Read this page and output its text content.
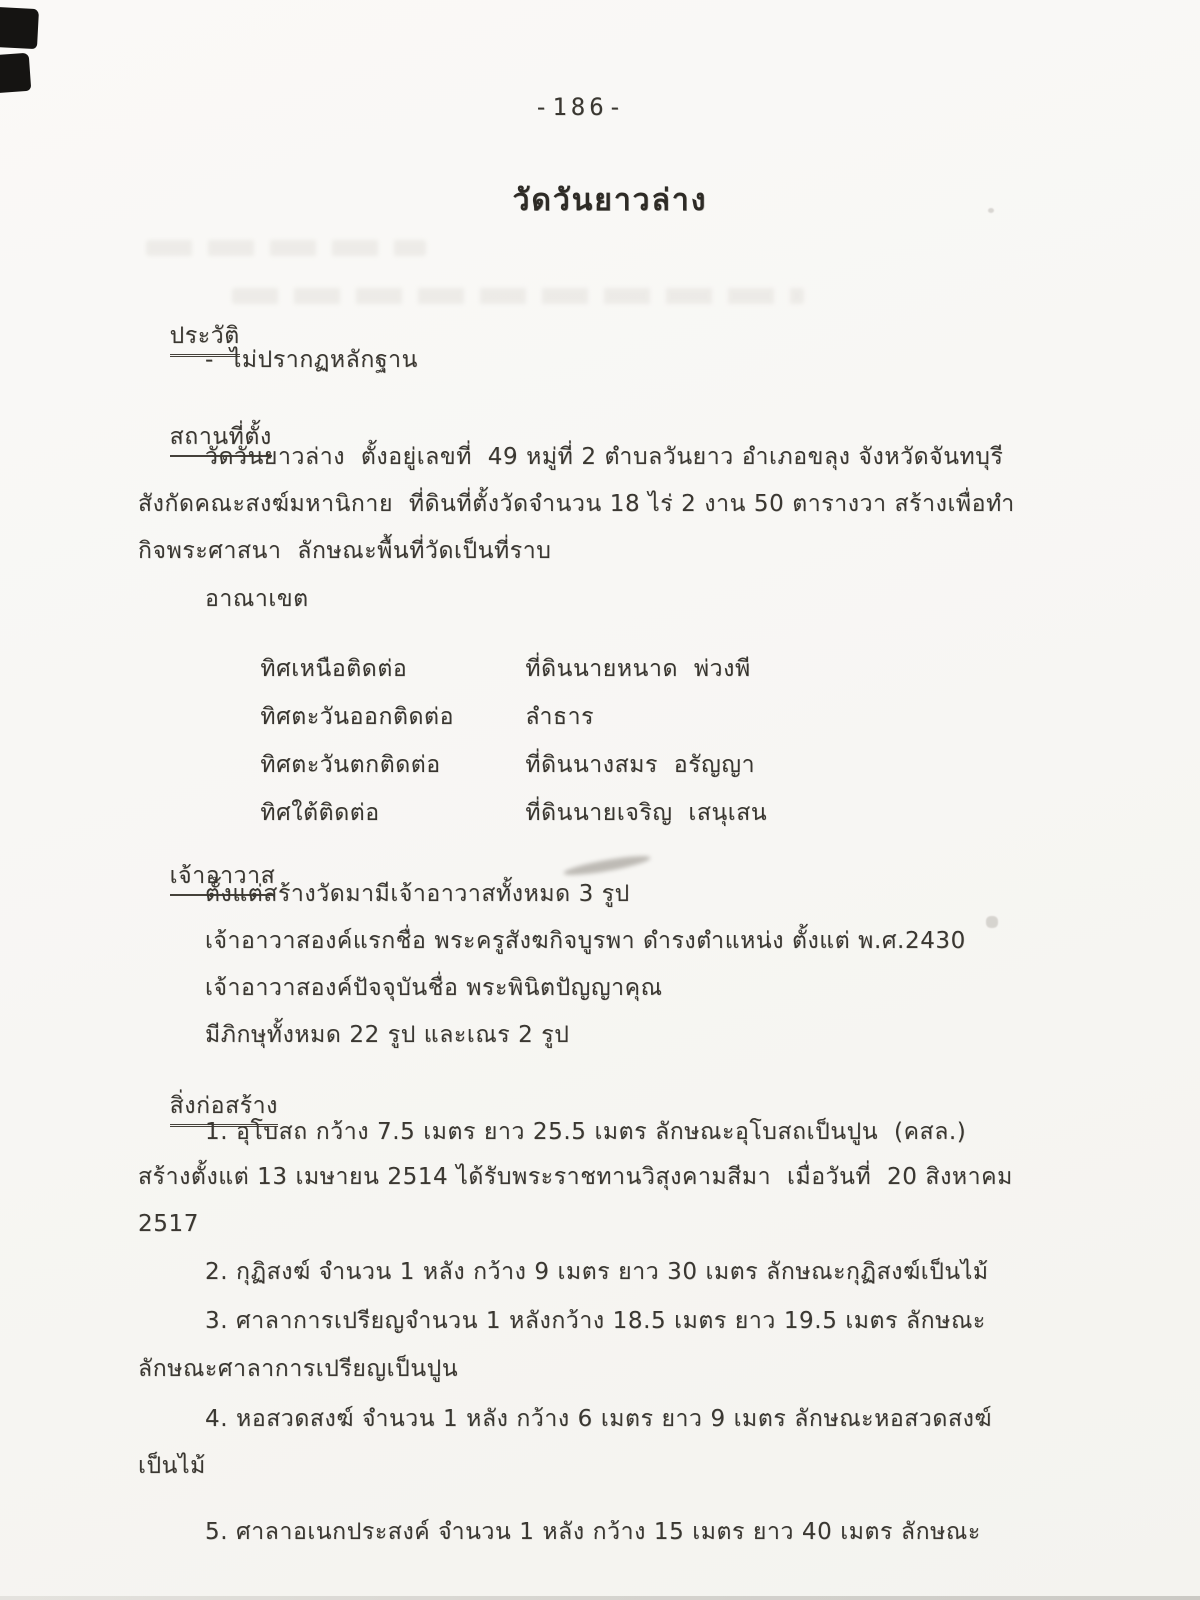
-186-
วัดวันยาวล่าง

ประวัติ

-  ไม่ปรากฏหลักฐาน

สถานที่ตั้ง

วัดวันยาวล่าง  ตั้งอยู่เลขที่  49 หมู่ที่ 2 ตำบลวันยาว อำเภอขลุง จังหวัดจันทบุรี
สังกัดคณะสงฆ์มหานิกาย  ที่ดินที่ตั้งวัดจำนวน 18 ไร่ 2 งาน 50 ตารางวา สร้างเพื่อทำ
กิจพระศาสนา  ลักษณะพื้นที่วัดเป็นที่ราบ
อาณาเขต

ทิศเหนือติดต่อ	ที่ดินนายหนาด  พ่วงพี

ทิศตะวันออกติดต่อ	ลำธาร

ทิศตะวันตกติดต่อ	ที่ดินนางสมร  อรัญญา

ทิศใต้ติดต่อ	ที่ดินนายเจริญ  เสนุเสน

เจ้าอาวาส

ตั้งแต่สร้างวัดมามีเจ้าอาวาสทั้งหมด 3 รูป
เจ้าอาวาสองค์แรกชื่อ พระครูสังฆกิจบูรพา ดำรงตำแหน่ง ตั้งแต่ พ.ศ.2430
เจ้าอาวาสองค์ปัจจุบันชื่อ พระพินิตปัญญาคุณ
มีภิกษุทั้งหมด 22 รูป และเณร 2 รูป

สิ่งก่อสร้าง

1. อุโบสถ กว้าง 7.5 เมตร ยาว 25.5 เมตร ลักษณะอุโบสถเป็นปูน  (คสล.)
สร้างตั้งแต่ 13 เมษายน 2514 ได้รับพระราชทานวิสุงคามสีมา  เมื่อวันที่  20 สิงหาคม
2517
2. กุฏิสงฆ์ จำนวน 1 หลัง กว้าง 9 เมตร ยาว 30 เมตร ลักษณะกุฏิสงฆ์เป็นไม้
3. ศาลาการเปรียญจำนวน 1 หลังกว้าง 18.5 เมตร ยาว 19.5 เมตร ลักษณะ
ลักษณะศาลาการเปรียญเป็นปูน
4. หอสวดสงฆ์ จำนวน 1 หลัง กว้าง 6 เมตร ยาว 9 เมตร ลักษณะหอสวดสงฆ์
เป็นไม้
5. ศาลาอเนกประสงค์ จำนวน 1 หลัง กว้าง 15 เมตร ยาว 40 เมตร ลักษณะ
